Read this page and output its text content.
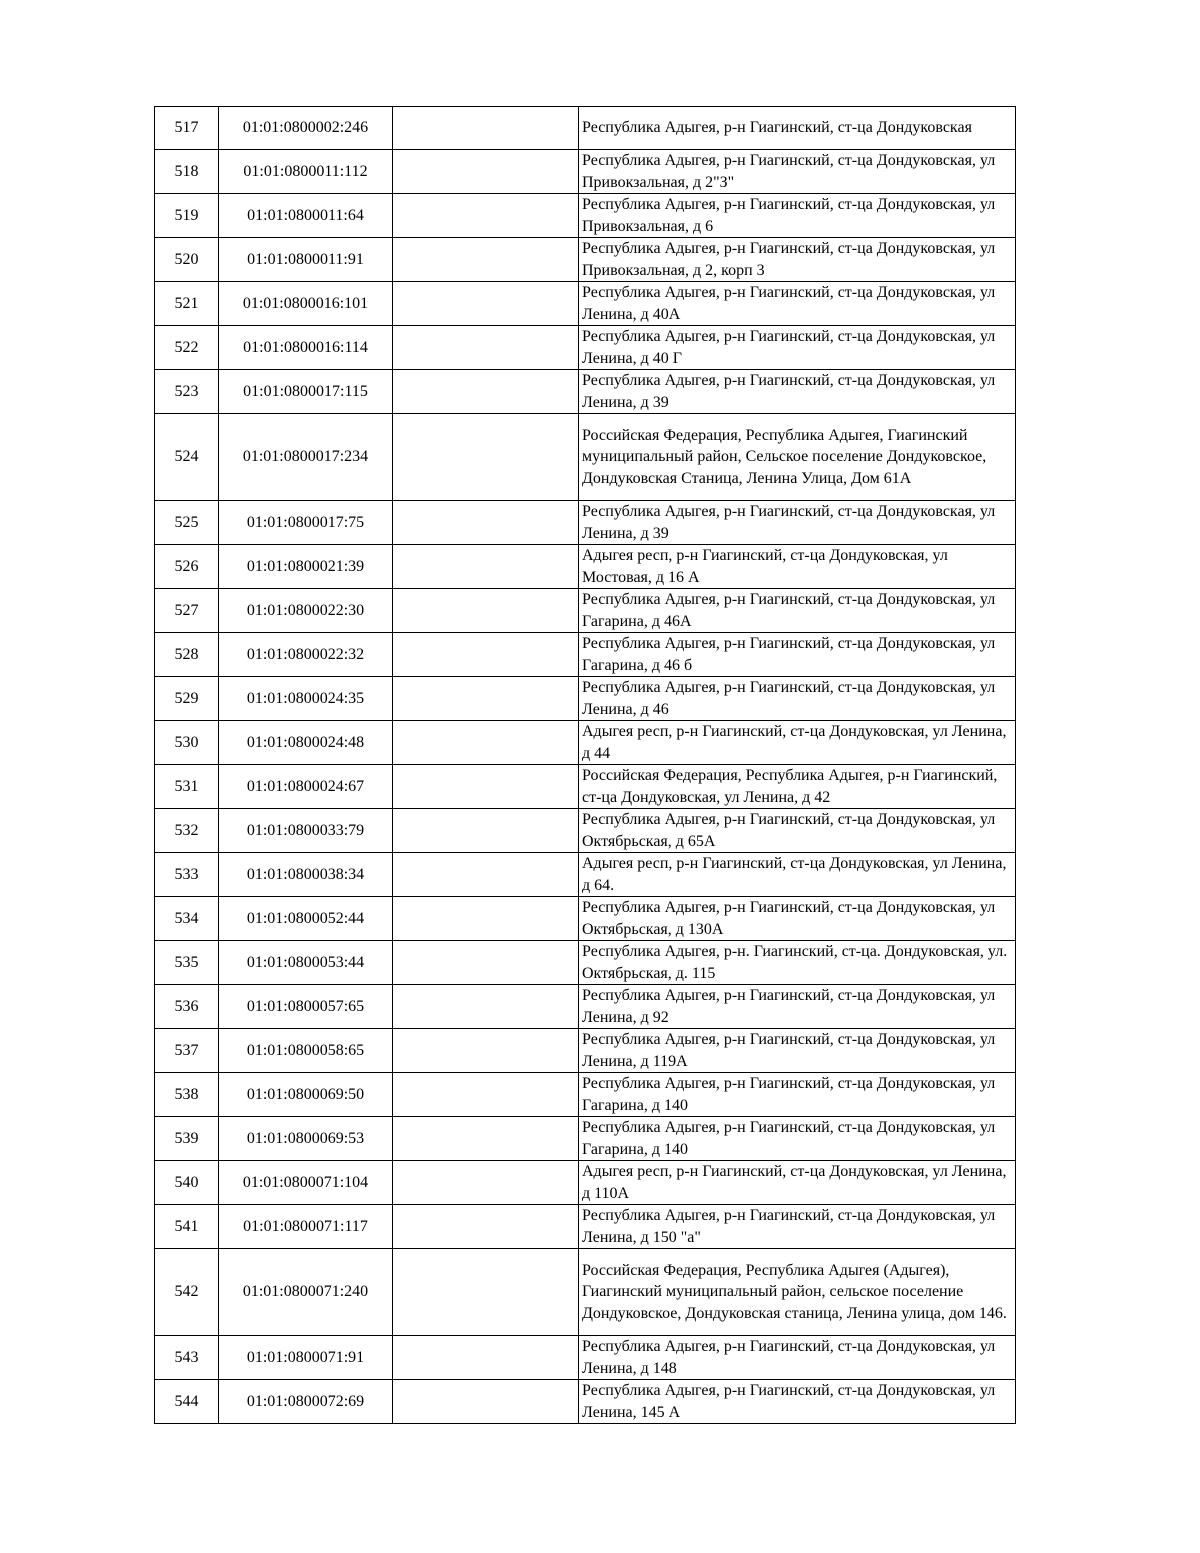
517	01:01:0800002:246		Республика Адыгея, р-н Гиагинский, ст-ца Дондуковская
518	01:01:0800011:112		Республика Адыгея, р-н Гиагинский, ст-ца Дондуковская, ул Привокзальная, д 2"З"
519	01:01:0800011:64		Республика Адыгея, р-н Гиагинский, ст-ца Дондуковская, ул Привокзальная, д 6
520	01:01:0800011:91		Республика Адыгея, р-н Гиагинский, ст-ца Дондуковская, ул Привокзальная, д 2, корп 3
521	01:01:0800016:101		Республика Адыгея, р-н Гиагинский, ст-ца Дондуковская, ул Ленина, д 40А
522	01:01:0800016:114		Республика Адыгея, р-н Гиагинский, ст-ца Дондуковская, ул Ленина, д 40 Г
523	01:01:0800017:115		Республика Адыгея, р-н Гиагинский, ст-ца Дондуковская, ул Ленина, д 39
524	01:01:0800017:234		Российская Федерация, Республика Адыгея, Гиагинский муниципальный район, Сельское поселение Дондуковское, Дондуковская Станица, Ленина Улица, Дом 61А
525	01:01:0800017:75		Республика Адыгея, р-н Гиагинский, ст-ца Дондуковская, ул Ленина, д 39
526	01:01:0800021:39		Адыгея респ, р-н Гиагинский, ст-ца Дондуковская, ул Мостовая, д 16 А
527	01:01:0800022:30		Республика Адыгея, р-н Гиагинский, ст-ца Дондуковская, ул Гагарина, д 46А
528	01:01:0800022:32		Республика Адыгея, р-н Гиагинский, ст-ца Дондуковская, ул Гагарина, д 46 б
529	01:01:0800024:35		Республика Адыгея, р-н Гиагинский, ст-ца Дондуковская, ул Ленина, д 46
530	01:01:0800024:48		Адыгея респ, р-н Гиагинский, ст-ца Дондуковская, ул Ленина, д 44
531	01:01:0800024:67		Российская Федерация, Республика Адыгея, р-н Гиагинский, ст-ца Дондуковская, ул Ленина, д 42
532	01:01:0800033:79		Республика Адыгея, р-н Гиагинский, ст-ца Дондуковская, ул Октябрьская, д 65А
533	01:01:0800038:34		Адыгея респ, р-н Гиагинский, ст-ца Дондуковская, ул Ленина, д 64.
534	01:01:0800052:44		Республика Адыгея, р-н Гиагинский, ст-ца Дондуковская, ул Октябрьская, д 130А
535	01:01:0800053:44		Республика Адыгея, р-н. Гиагинский, ст-ца. Дондуковская, ул. Октябрьская, д. 115
536	01:01:0800057:65		Республика Адыгея, р-н Гиагинский, ст-ца Дондуковская, ул Ленина, д 92
537	01:01:0800058:65		Республика Адыгея, р-н Гиагинский, ст-ца Дондуковская, ул Ленина, д 119А
538	01:01:0800069:50		Республика Адыгея, р-н Гиагинский, ст-ца Дондуковская, ул Гагарина, д 140
539	01:01:0800069:53		Республика Адыгея, р-н Гиагинский, ст-ца Дондуковская, ул Гагарина, д 140
540	01:01:0800071:104		Адыгея респ, р-н Гиагинский, ст-ца Дондуковская, ул Ленина, д 110А
541	01:01:0800071:117		Республика Адыгея, р-н Гиагинский, ст-ца Дондуковская, ул Ленина, д 150 "а"
542	01:01:0800071:240		Российская Федерация, Республика Адыгея (Адыгея), Гиагинский муниципальный район, сельское поселение Дондуковское, Дондуковская станица, Ленина улица, дом 146.
543	01:01:0800071:91		Республика Адыгея, р-н Гиагинский, ст-ца Дондуковская, ул Ленина, д 148
544	01:01:0800072:69		Республика Адыгея, р-н Гиагинский, ст-ца Дондуковская, ул Ленина, 145 А
